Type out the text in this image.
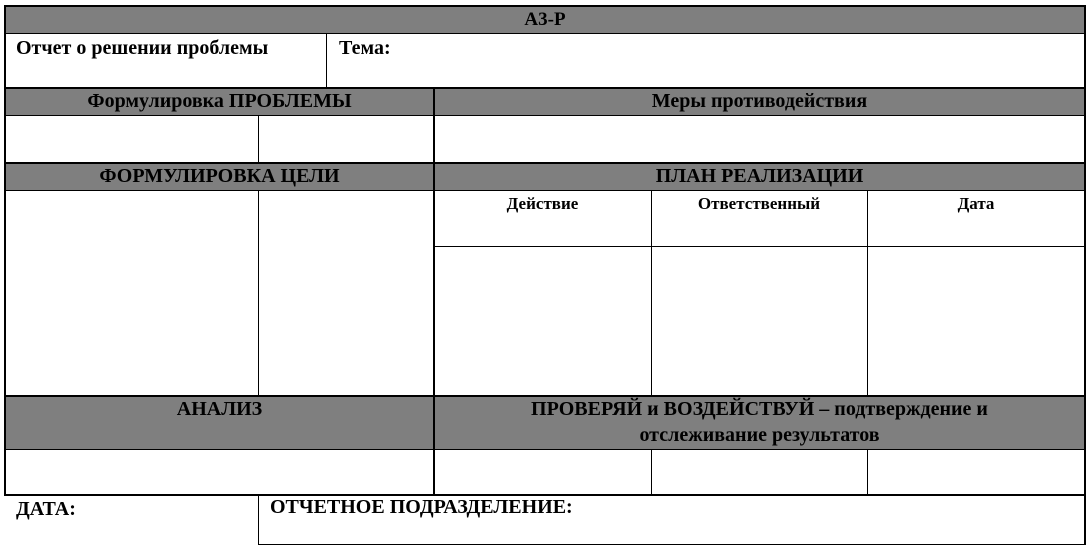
A3-P
Отчет о решении проблемы	Тема:
Формулировка ПРОБЛЕМЫ	Меры противодействия
ФОРМУЛИРОВКА ЦЕЛИ	ПЛАН РЕАЛИЗАЦИИ
Действие	Ответственный	Дата
АНАЛИЗ	ПРОВЕРЯЙ и ВОЗДЕЙСТВУЙ – подтверждение и
отслеживание результатов
ДАТА:	ОТЧЕТНОЕ ПОДРАЗДЕЛЕНИЕ:
